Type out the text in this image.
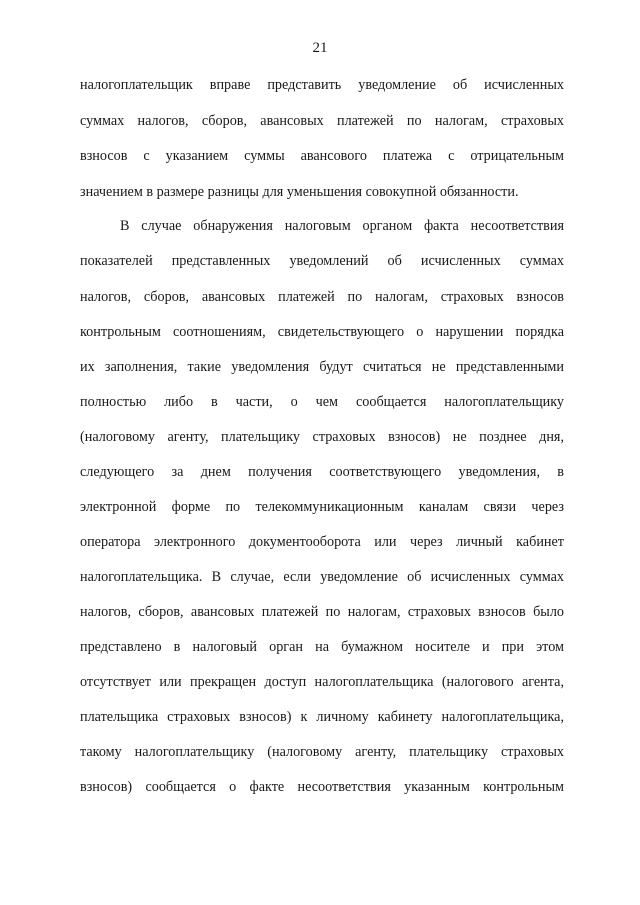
21
налогоплательщик вправе представить уведомление об исчисленных
суммах налогов, сборов, авансовых платежей по налогам, страховых
взносов с указанием суммы авансового платежа с отрицательным
значением в размере разницы для уменьшения совокупной обязанности.
В случае обнаружения налоговым органом факта несоответствия
показателей представленных уведомлений об исчисленных суммах
налогов, сборов, авансовых платежей по налогам, страховых взносов
контрольным соотношениям, свидетельствующего о нарушении порядка
их заполнения, такие уведомления будут считаться не представленными
полностью либо в части, о чем сообщается налогоплательщику
(налоговому агенту, плательщику страховых взносов) не позднее дня,
следующего за днем получения соответствующего уведомления, в
электронной форме по телекоммуникационным каналам связи через
оператора электронного документооборота или через личный кабинет
налогоплательщика. В случае, если уведомление об исчисленных суммах
налогов, сборов, авансовых платежей по налогам, страховых взносов было
представлено в налоговый орган на бумажном носителе и при этом
отсутствует или прекращен доступ налогоплательщика (налогового агента,
плательщика страховых взносов) к личному кабинету налогоплательщика,
такому налогоплательщику (налоговому агенту, плательщику страховых
взносов) сообщается о факте несоответствия указанным контрольным
